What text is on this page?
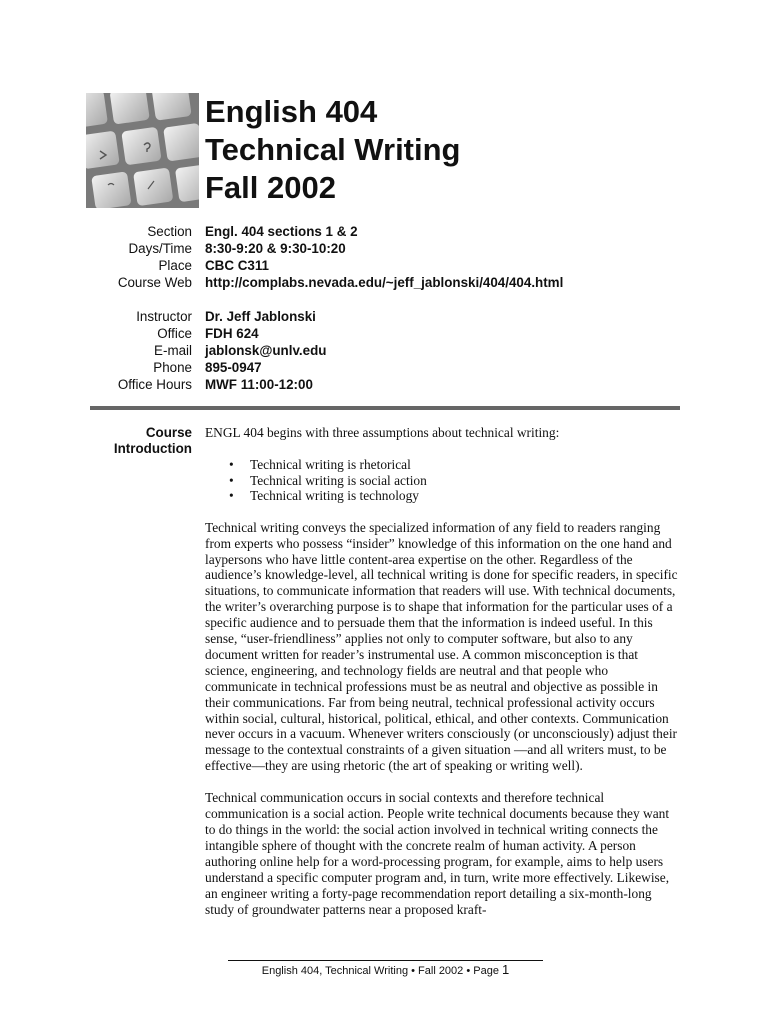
English 404
Technical Writing
Fall 2002
Section Engl. 404 sections 1 & 2
Days/Time 8:30-9:20 & 9:30-10:20
Place CBC C311
Course Web http://complabs.nevada.edu/~jeff_jablonski/404/404.html
Instructor Dr. Jeff Jablonski
Office FDH 624
E-mail jablonsk@unlv.edu
Phone 895-0947
Office Hours MWF 11:00-12:00
Course
Introduction

ENGL 404 begins with three assumptions about technical writing:

• Technical writing is rhetorical
• Technical writing is social action
• Technical writing is technology

Technical writing conveys the specialized information of any field to readers ranging from experts who possess “insider” knowledge of this information on the one hand and laypersons who have little content-area expertise on the other. Regardless of the audience’s knowledge-level, all technical writing is done for specific readers, in specific situations, to communicate information that readers will use. With technical documents, the writer’s overarching purpose is to shape that information for the particular uses of a specific audience and to persuade them that the information is indeed useful. In this sense, “user-friendliness” applies not only to computer software, but also to any document written for reader’s instrumental use. A common misconception is that science, engineering, and technology fields are neutral and that people who communicate in technical professions must be as neutral and objective as possible in their communications. Far from being neutral, technical professional activity occurs within social, cultural, historical, political, ethical, and other contexts. Communication never occurs in a vacuum. Whenever writers consciously (or unconsciously) adjust their message to the contextual constraints of a given situation —and all writers must, to be effective—they are using rhetoric (the art of speaking or writing well).

Technical communication occurs in social contexts and therefore technical communication is a social action. People write technical documents because they want to do things in the world: the social action involved in technical writing connects the intangible sphere of thought with the concrete realm of human activity. A person authoring online help for a word-processing program, for example, aims to help users understand a specific computer program and, in turn, write more effectively. Likewise, an engineer writing a forty-page recommendation report detailing a six-month-long study of groundwater patterns near a proposed kraft-

English 404, Technical Writing • Fall 2002 • Page 1
